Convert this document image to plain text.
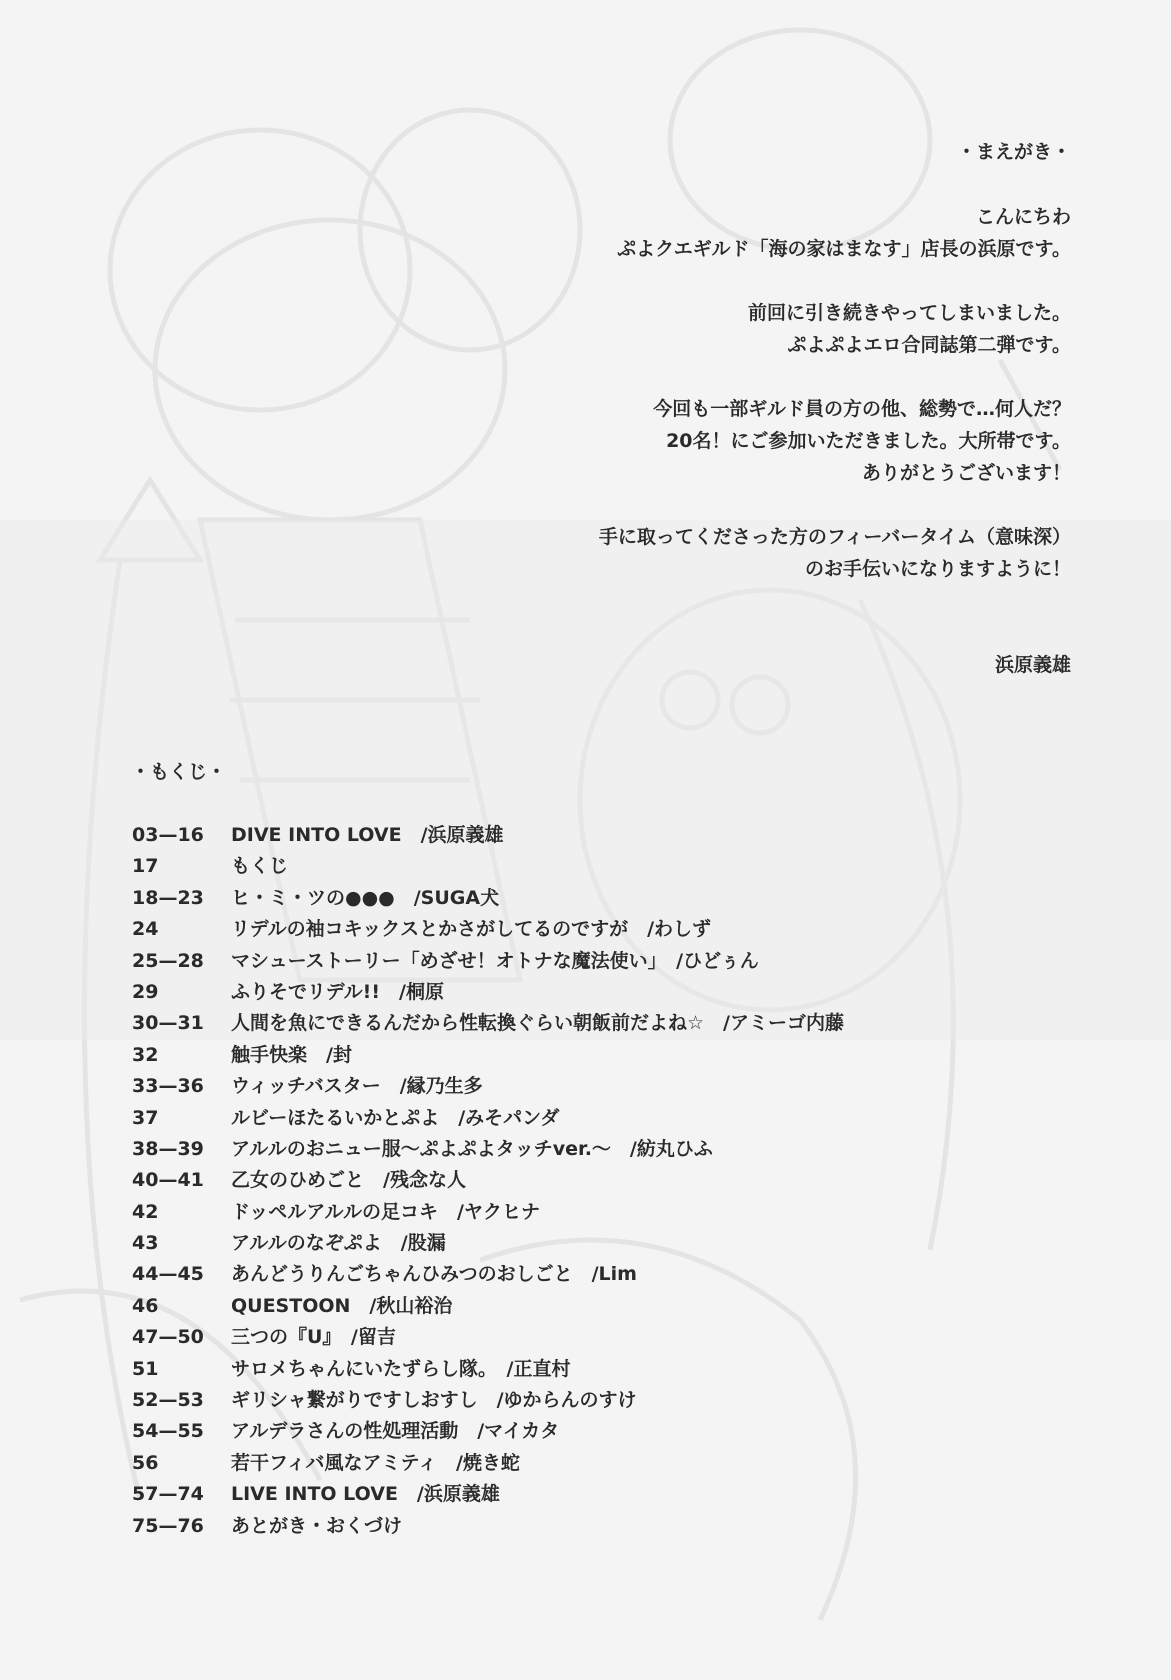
・まえがき・

こんにちわ

ぷよクエギルド「海の家はまなす」店長の浜原です。

前回に引き続きやってしまいました。

ぷよぷよエロ合同誌第二弾です。

今回も一部ギルド員の方の他、総勢で…何人だ？

20名！にご参加いただきました。大所帯です。

ありがとうございます！

手に取ってくださった方のフィーバータイム（意味深）

のお手伝いになりますように！

浜原義雄

・もくじ・
03—16	DIVE INTO LOVE　/浜原義雄
17	もくじ
18—23	ヒ・ミ・ツの●●●　/SUGA犬
24	リデルの袖コキックスとかさがしてるのですが　/わしず
25—28	マシューストーリー「めざせ！オトナな魔法使い」　/ひどぅん
29	ふりそでリデル!!　/桐原
30—31	人間を魚にできるんだから性転換ぐらい朝飯前だよね☆　/アミーゴ内藤
32	触手快楽　/封
33—36	ウィッチバスター　/縁乃生多
37	ルビーほたるいかとぷよ　/みそパンダ
38—39	アルルのおニュー服～ぷよぷよタッチver.～　/紡丸ひふ
40—41	乙女のひめごと　/残念な人
42	ドッペルアルルの足コキ　/ヤクヒナ
43	アルルのなぞぷよ　/股漏
44—45	あんどうりんごちゃんひみつのおしごと　/Lim
46	QUESTOON　/秋山裕治
47—50	三つの『U』　/留吉
51	サロメちゃんにいたずらし隊。　/正直村
52—53	ギリシャ繋がりですしおすし　/ゆからんのすけ
54—55	アルデラさんの性処理活動　/マイカタ
56	若干フィバ風なアミティ　/焼き蛇
57—74	LIVE INTO LOVE　/浜原義雄
75—76	あとがき・おくづけ
